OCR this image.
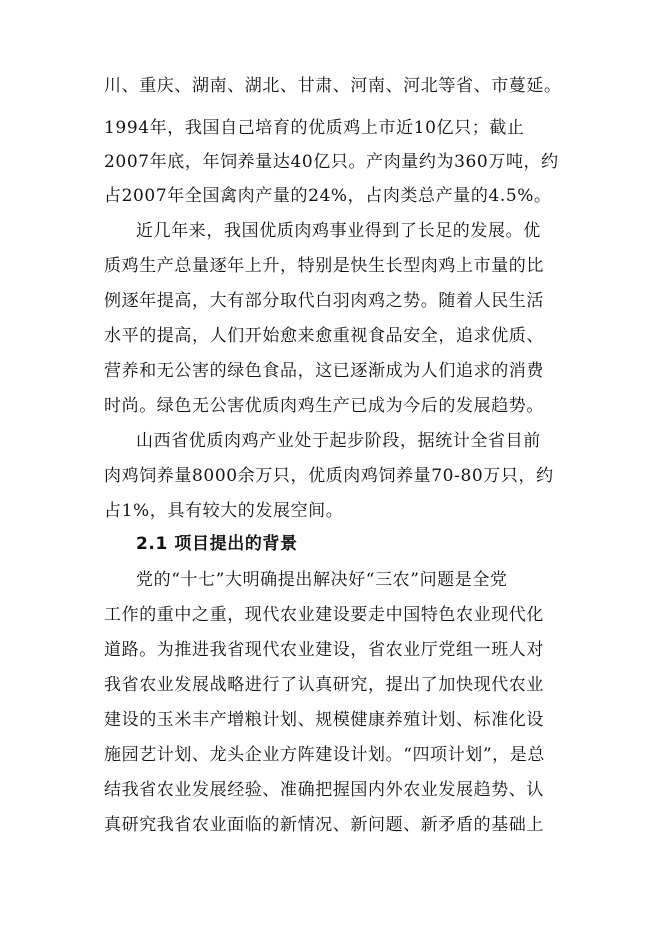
川、重庆、湖南、湖北、甘肃、河南、河北等省、市蔓延。
1994年，我国自己培育的优质鸡上市近10亿只；截止
2007年底，年饲养量达40亿只。产肉量约为360万吨，约
占2007年全国禽肉产量的24%，占肉类总产量的4.5%。
近几年来，我国优质肉鸡事业得到了长足的发展。优
质鸡生产总量逐年上升，特别是快生长型肉鸡上市量的比
例逐年提高，大有部分取代白羽肉鸡之势。随着人民生活
水平的提高，人们开始愈来愈重视食品安全，追求优质、
营养和无公害的绿色食品，这已逐渐成为人们追求的消费
时尚。绿色无公害优质肉鸡生产已成为今后的发展趋势。
山西省优质肉鸡产业处于起步阶段，据统计全省目前
肉鸡饲养量8000余万只，优质肉鸡饲养量70-80万只，约
占1%，具有较大的发展空间。
2.1 项目提出的背景
党的“十七”大明确提出解决好“三农”问题是全党
工作的重中之重，现代农业建设要走中国特色农业现代化
道路。为推进我省现代农业建设，省农业厅党组一班人对
我省农业发展战略进行了认真研究，提出了加快现代农业
建设的玉米丰产增粮计划、规模健康养殖计划、标准化设
施园艺计划、龙头企业方阵建设计划。“四项计划”，是总
结我省农业发展经验、准确把握国内外农业发展趋势、认
真研究我省农业面临的新情况、新问题、新矛盾的基础上
